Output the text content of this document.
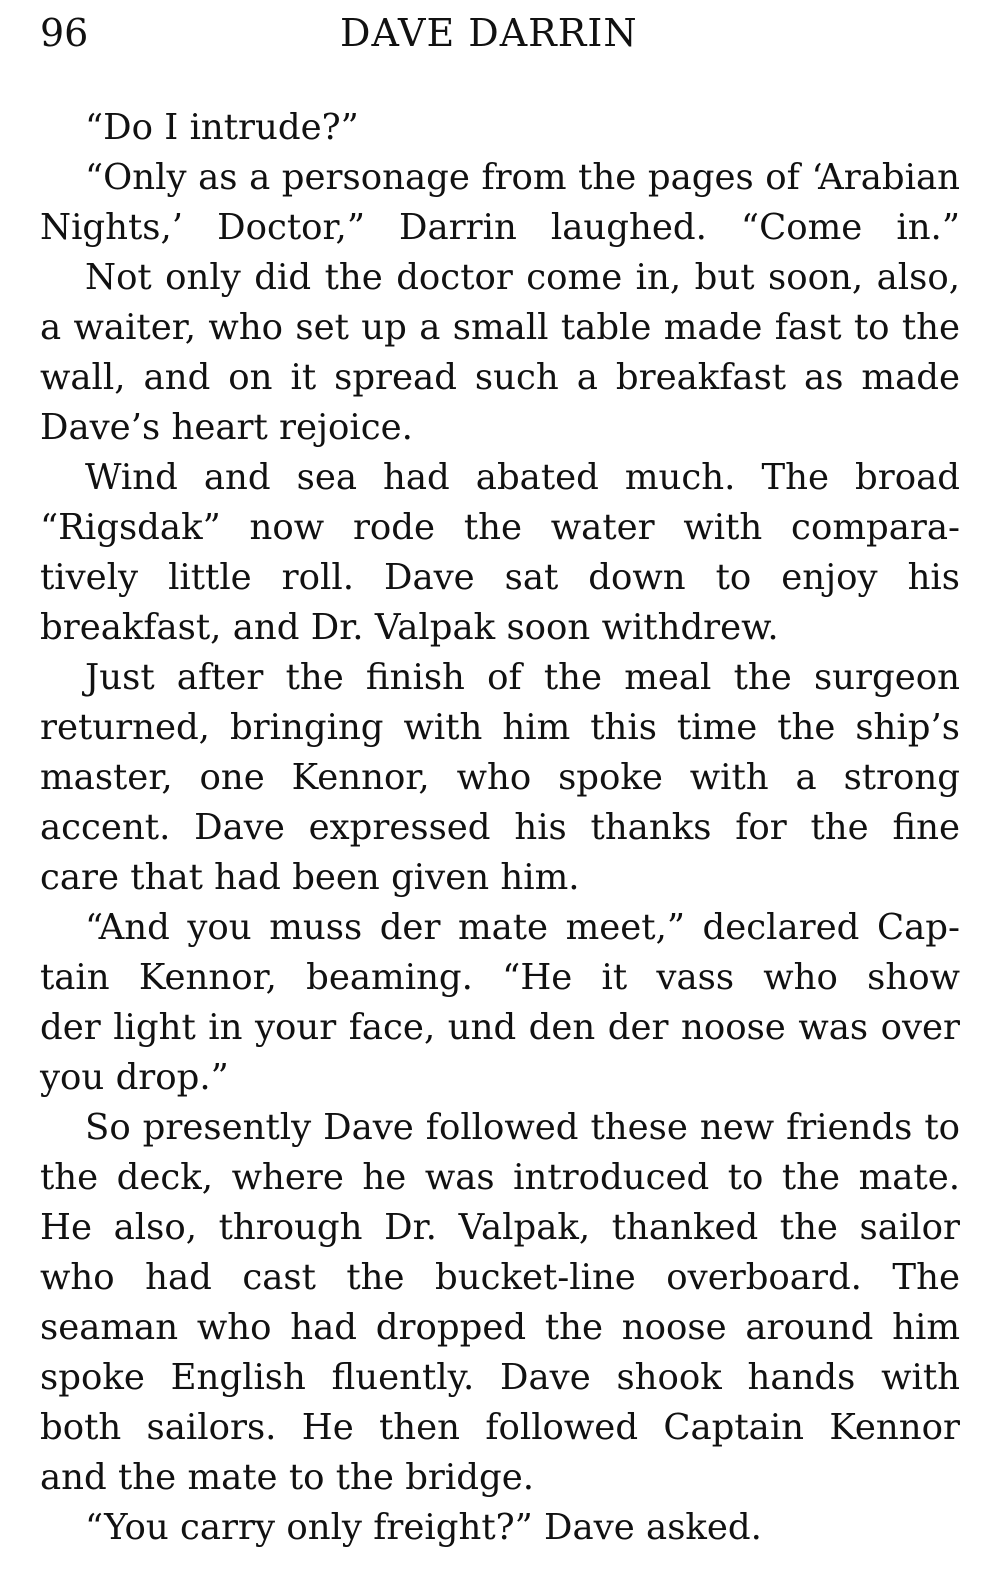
96	DAVE DARRIN
“Do I intrude?”
“Only as a personage from the pages of ‘Arabian
Nights,’ Doctor,” Darrin laughed. “Come in.”
Not only did the doctor come in, but soon, also,
a waiter, who set up a small table made fast to the
wall, and on it spread such a breakfast as made
Dave’s heart rejoice.
Wind and sea had abated much. The broad
“Rigsdak” now rode the water with compara-
tively little roll. Dave sat down to enjoy his
breakfast, and Dr. Valpak soon withdrew.
Just after the finish of the meal the surgeon
returned, bringing with him this time the ship’s
master, one Kennor, who spoke with a strong
accent. Dave expressed his thanks for the fine
care that had been given him.
“And you muss der mate meet,” declared Cap-
tain Kennor, beaming. “He it vass who show
der light in your face, und den der noose was over
you drop.”
So presently Dave followed these new friends to
the deck, where he was introduced to the mate.
He also, through Dr. Valpak, thanked the sailor
who had cast the bucket-line overboard. The
seaman who had dropped the noose around him
spoke English fluently. Dave shook hands with
both sailors. He then followed Captain Kennor
and the mate to the bridge.
“You carry only freight?” Dave asked.
